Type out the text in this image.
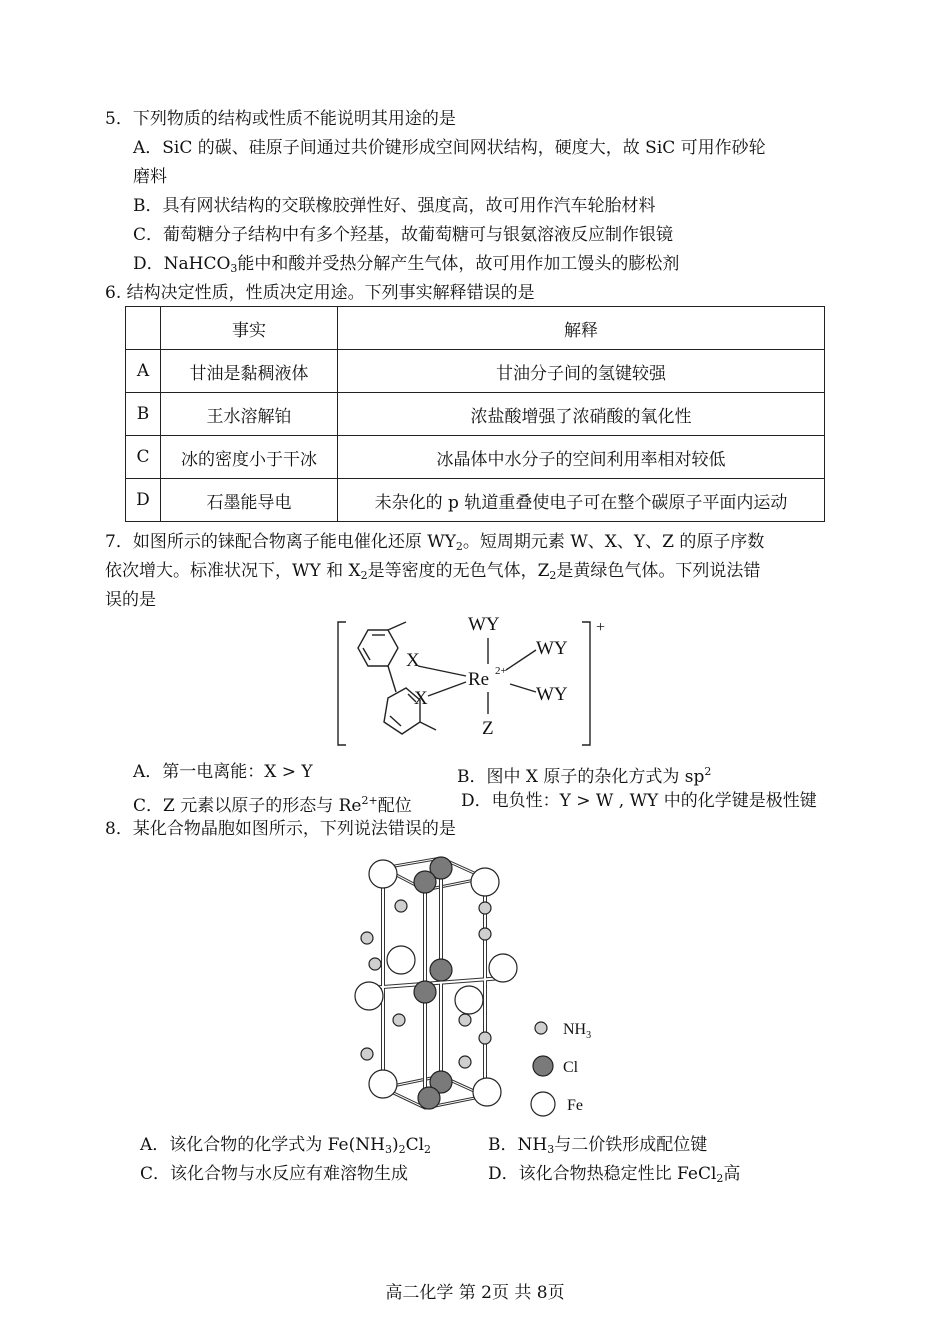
5．下列物质的结构或性质不能说明其用途的是
A．SiC 的碳、硅原子间通过共价键形成空间网状结构，硬度大，故 SiC 可用作砂轮
磨料
B．具有网状结构的交联橡胶弹性好、强度高，故可用作汽车轮胎材料
C．葡萄糖分子结构中有多个羟基，故葡萄糖可与银氨溶液反应制作银镜
D．NaHCO$_3$能中和酸并受热分解产生气体，故可用作加工馒头的膨松剂
6. 结构决定性质，性质决定用途。下列事实解释错误的是
	事实	解释
A	甘油是黏稠液体	甘油分子间的氢键较强
B	王水溶解铂	浓盐酸增强了浓硝酸的氧化性
C	冰的密度小于干冰	冰晶体中水分子的空间利用率相对较低
D	石墨能导电	未杂化的 p 轨道重叠使电子可在整个碳原子平面内运动
7．如图所示的铼配合物离子能电催化还原 $WY_2$。短周期元素 W、X、Y、Z 的原子序数
依次增大。标准状况下，WY 和 $X_2$是等密度的无色气体，$Z_2$是黄绿色气体。下列说法错
误的是
X
X
Re 2+
WY
WY
WY
Z
+
A．第一电离能：X > Y	B．图中 X 原子的杂化方式为 $sp^2$
C．Z 元素以原子的形态与 $Re^{2+}$配位	D．电负性：Y > W , WY 中的化学键是极性键
8．某化合物晶胞如图所示，下列说法错误的是
$NH_3$
Cl
Fe
A．该化合物的化学式为 $Fe(NH_3)_2Cl_2$	B．$NH_3$与二价铁形成配位键
C．该化合物与水反应有难溶物生成	D．该化合物热稳定性比 FeCl$_2$高
高二化学 第 2页 共 8页
